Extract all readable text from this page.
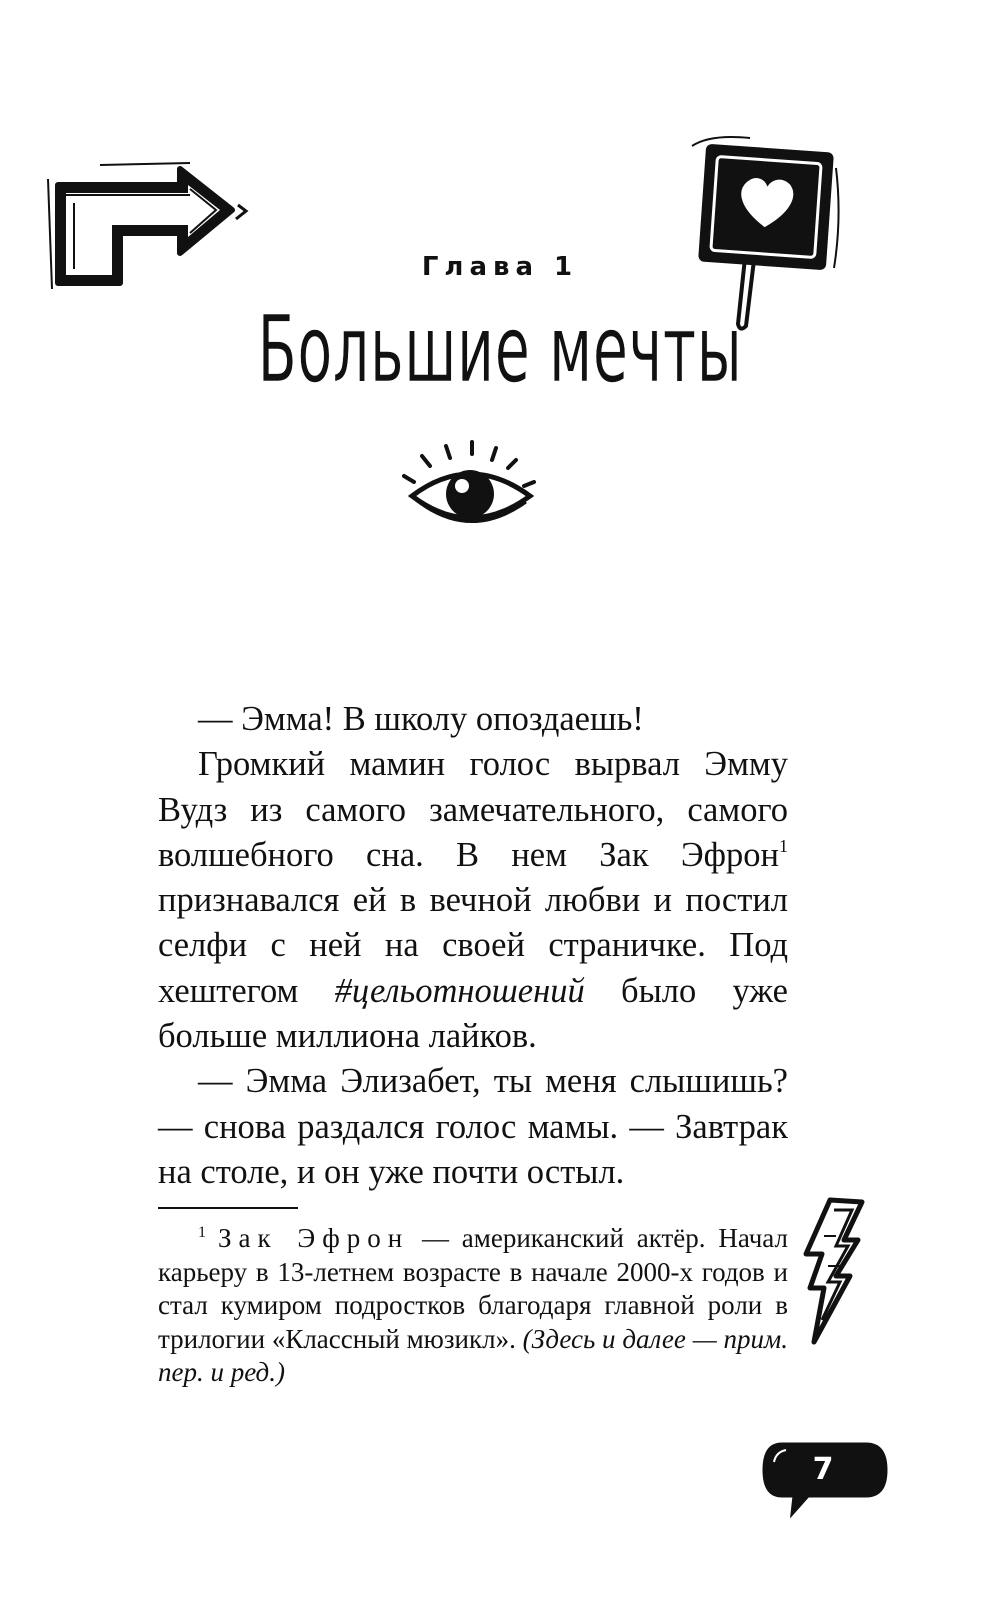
Глава 1
Большие мечты

— Эмма! В школу опоздаешь!

Громкий мамин голос вырвал Эмму Вудз из самого замечательного, самого волшебного сна. В нем Зак Эфрон$^1$ признавался ей в вечной любви и постил селфи с ней на своей страничке. Под хештегом #цельотношений было уже больше миллиона лайков.

— Эмма Элизабет, ты меня слышишь? — снова раздался голос мамы. — Завтрак на столе, и он уже почти остыл.

$^1$ Зак Эфрон — американский актёр. Начал карьеру в 13-летнем возрасте в начале 2000-х годов и стал кумиром подростков благодаря главной роли в трилогии «Классный мюзикл». (Здесь и далее — прим. пер. и ред.)

7
